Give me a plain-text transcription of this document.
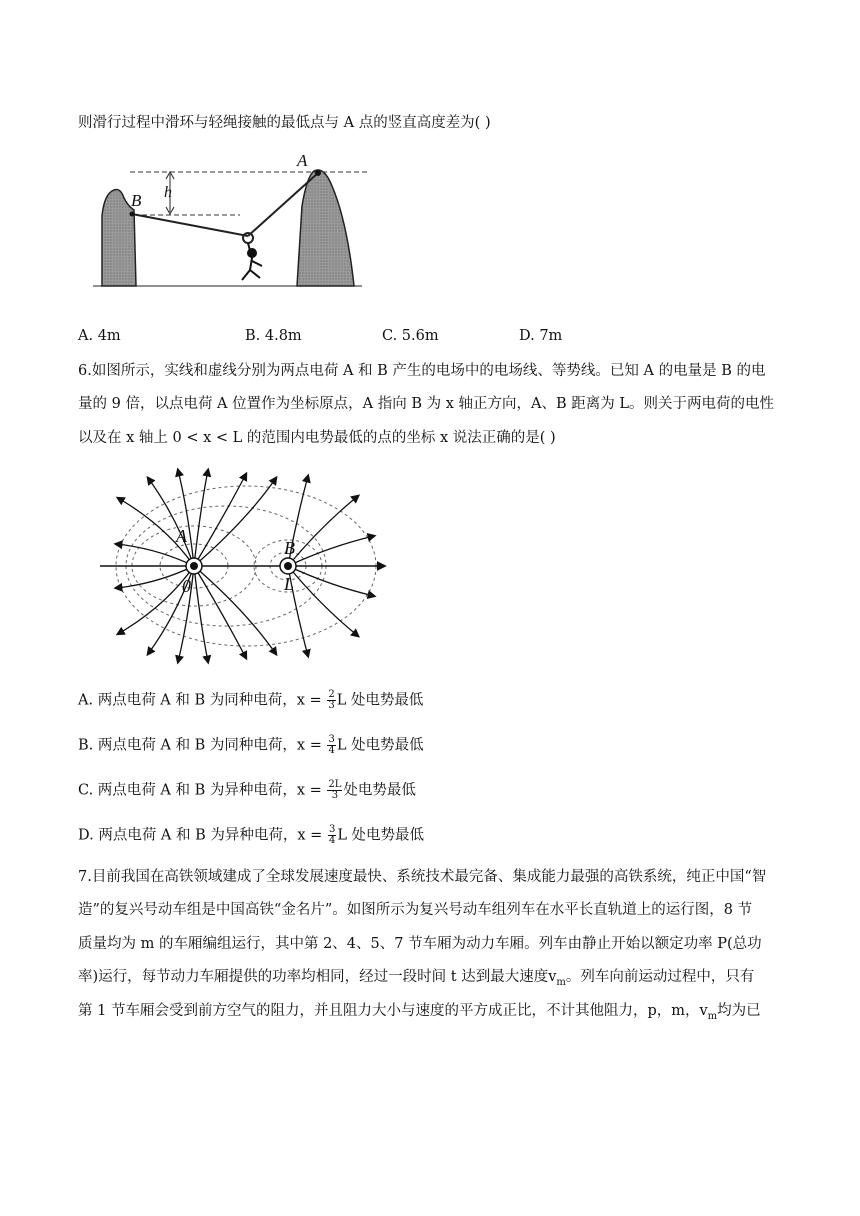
则滑行过程中滑环与轻绳接触的最低点与 A 点的竖直高度差为( )
A
B h
A. 4m	B. 4.8m	C. 5.6m	D. 7m
6.如图所示，实线和虚线分别为两点电荷 A 和 B 产生的电场中的电场线、等势线。已知 A 的电量是 B 的电
量的 9 倍，以点电荷 A 位置作为坐标原点，A 指向 B 为 x 轴正方向，A、B 距离为 L。则关于两电荷的电性
以及在 x 轴上 0 < x < L 的范围内电势最低的点的坐标 x 说法正确的是( )
A
B
0	L
A. 两点电荷 A 和 B 为同种电荷，$x = \frac{2}{3}$ L 处电势最低
B. 两点电荷 A 和 B 为同种电荷，$x = \frac{3}{4}$ L 处电势最低
C. 两点电荷 A 和 B 为异种电荷，$x = \frac{2L}{3}$ 处电势最低
D. 两点电荷 A 和 B 为异种电荷，$x = \frac{3}{4}$ L 处电势最低
7.目前我国在高铁领域建成了全球发展速度最快、系统技术最完备、集成能力最强的高铁系统，纯正中国“智
造”的复兴号动车组是中国高铁“金名片”。如图所示为复兴号动车组列车在水平长直轨道上的运行图，8 节
质量均为 m 的车厢编组运行，其中第 2、4、5、7 节车厢为动力车厢。列车由静止开始以额定功率 P(总功
率)运行，每节动力车厢提供的功率均相同，经过一段时间 t 达到最大速度$v_m$。列车向前运动过程中，只有
第 1 节车厢会受到前方空气的阻力，并且阻力大小与速度的平方成正比，不计其他阻力，p，m，$v_m$均为已
